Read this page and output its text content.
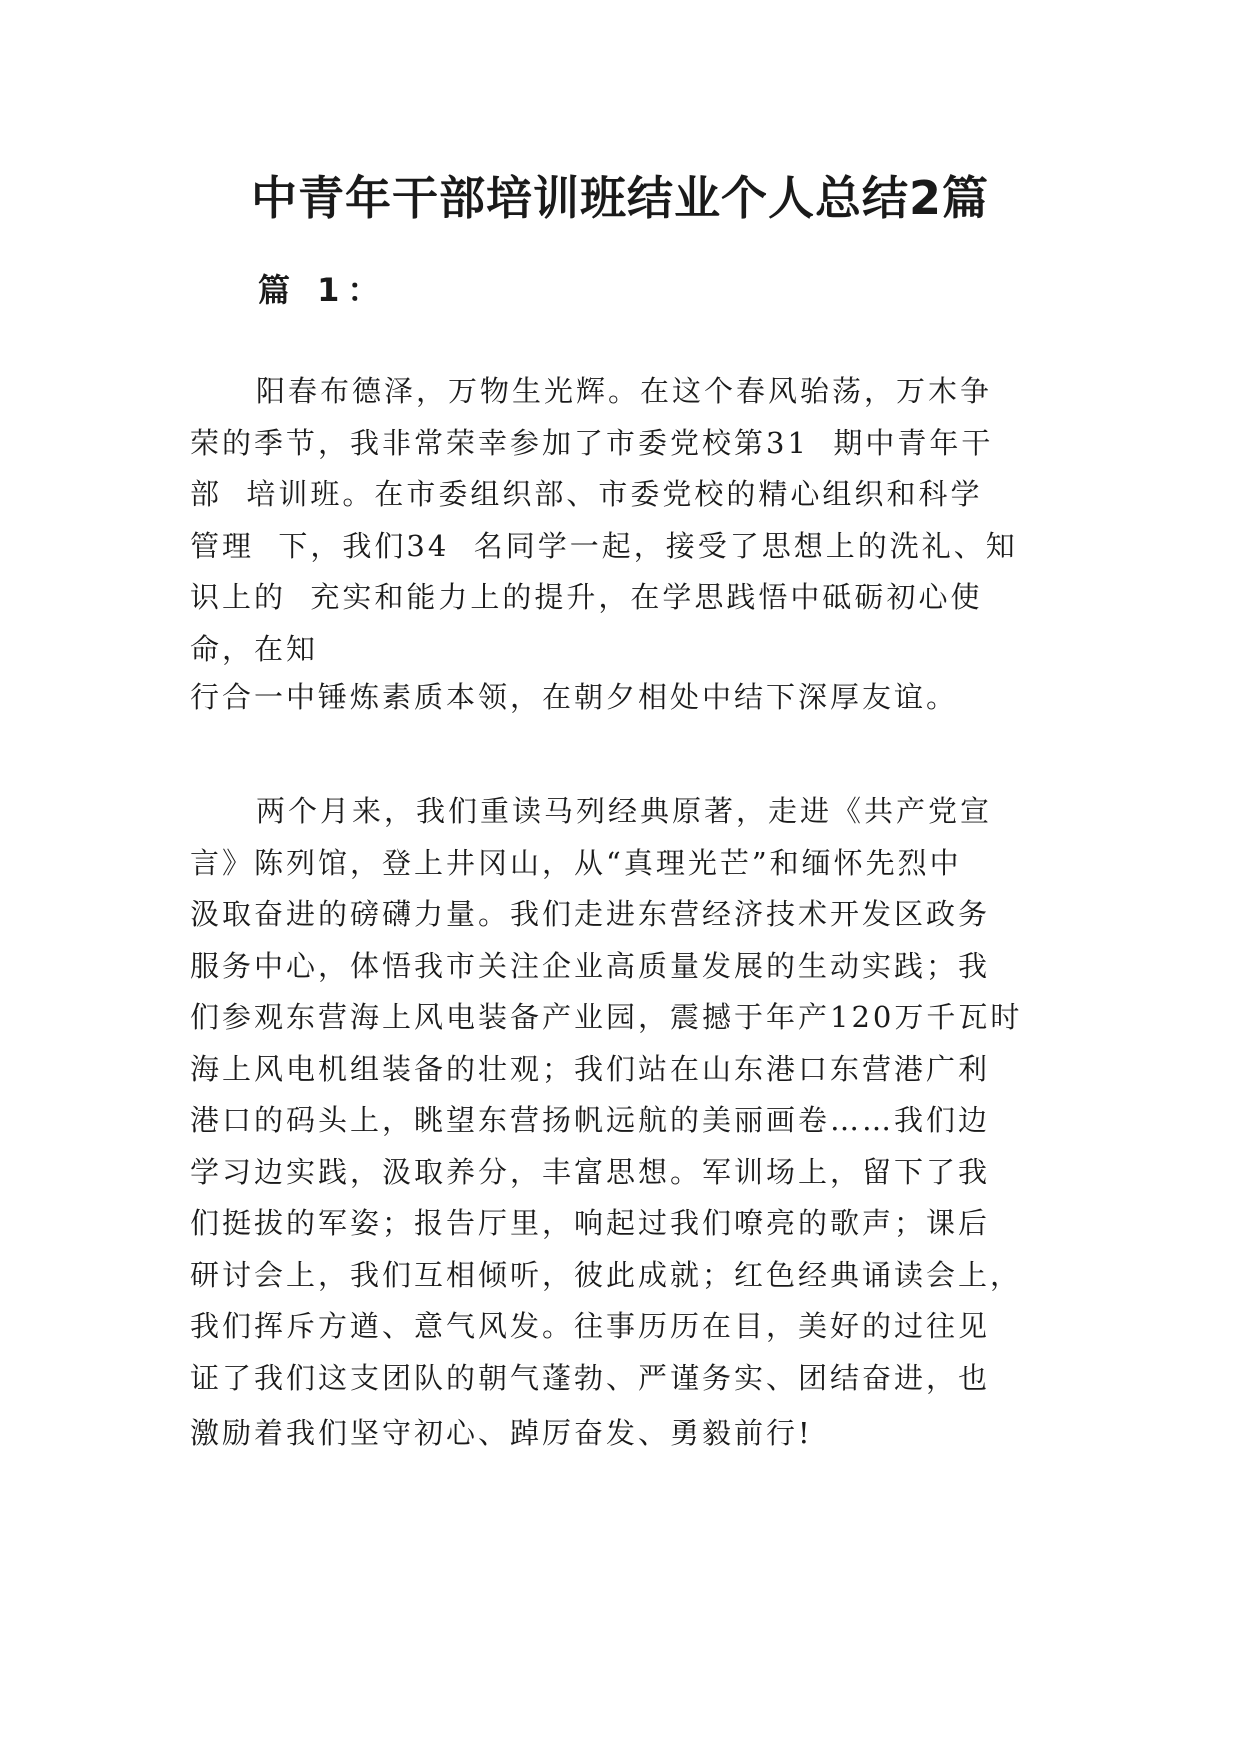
中青年干部培训班结业个人总结2篇
篇 1：
阳春布德泽，万物生光辉。在这个春风骀荡，万木争
荣的季节，我非常荣幸参加了市委党校第31  期中青年干
部  培训班。在市委组织部、市委党校的精心组织和科学
管理  下，我们34  名同学一起，接受了思想上的洗礼、知
识上的  充实和能力上的提升，在学思践悟中砥砺初心使
命，在知
行合一中锤炼素质本领，在朝夕相处中结下深厚友谊。
两个月来，我们重读马列经典原著，走进《共产党宣
言》陈列馆，登上井冈山，从“真理光芒”和缅怀先烈中
汲取奋进的磅礴力量。我们走进东营经济技术开发区政务
服务中心，体悟我市关注企业高质量发展的生动实践；我
们参观东营海上风电装备产业园，震撼于年产120万千瓦时
海上风电机组装备的壮观；我们站在山东港口东营港广利
港口的码头上，眺望东营扬帆远航的美丽画卷……我们边
学习边实践，汲取养分，丰富思想。军训场上，留下了我
们挺拔的军姿；报告厅里，响起过我们嘹亮的歌声；课后
研讨会上，我们互相倾听，彼此成就；红色经典诵读会上，
我们挥斥方遒、意气风发。往事历历在目，美好的过往见
证了我们这支团队的朝气蓬勃、严谨务实、团结奋进，也
激励着我们坚守初心、踔厉奋发、勇毅前行!
